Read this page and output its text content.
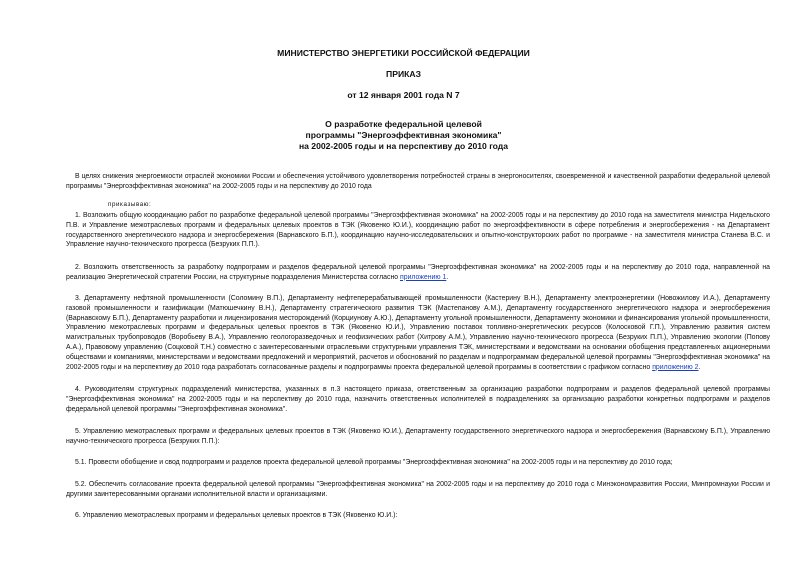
МИНИСТЕРСТВО ЭНЕРГЕТИКИ РОССИЙСКОЙ ФЕДЕРАЦИИ
ПРИКАЗ
от 12 января 2001 года N 7
О разработке федеральной целевой
программы "Энергоэффективная экономика"
на 2002-2005 годы и на перспективу до 2010 года
В целях снижения энергоемкости отраслей экономики России и обеспечения устойчивого удовлетворения потребностей страны в энергоносителях, своевременной и качественной разработки федеральной целевой программы "Энергоэффективная экономика" на 2002-2005 годы и на перспективу до 2010 года
приказываю:
1. Возложить общую координацию работ по разработке федеральной целевой программы "Энергоэффективная экономика" на 2002-2005 годы и на перспективу до 2010 года на заместителя министра Нидельского П.В. и Управление межотраслевых программ и федеральных целевых проектов в ТЭК (Яковенко Ю.И.), координацию работ по энергоэффективности в сфере потребления и энергосбережения - на Департамент государственного энергетического надзора и энергосбережения (Варнавского Б.П.), координацию научно-исследовательских и опытно-конструкторских работ по программе - на заместителя министра Станева В.С. и Управление научно-технического прогресса (Безруких П.П.).
2. Возложить ответственность за разработку подпрограмм и разделов федеральной целевой программы "Энергоэффективная экономика" на 2002-2005 годы и на перспективу до 2010 года, направленной на реализацию Энергетической стратегии России, на структурные подразделения Министерства согласно приложению 1.
3. Департаменту нефтяной промышленности (Соломину В.П.), Департаменту нефтеперерабатывающей промышленности (Кастерину В.Н.), Департаменту электроэнергетики (Новожилову И.А.), Департаменту газовой промышленности и газификации (Матюшечкину В.Н.), Департаменту стратегического развития ТЭК (Мастепанову А.М.), Департаменту государственного энергетического надзора и энергосбережения (Варнавскому Б.П.), Департаменту разработки и лицензирования месторождений (Корциунову А.Ю.), Департаменту угольной промышленности, Департаменту экономики и финансирования угольной промышленности, Управлению межотраслевых программ и федеральных целевых проектов в ТЭК (Яковенко Ю.И.), Управлению поставок топливно-энергетических ресурсов (Колосковой Г.П.), Управлению развития систем магистральных трубопроводов (Воробьеву В.А.), Управлению геологоразведочных и геофизических работ (Хитрову А.М.), Управлению научно-технического прогресса (Безруких П.П.), Управлению экологии (Попову А.А.), Правовому управлению (Соцковой Т.Н.) совместно с заинтересованными отраслевыми структурными управления ТЭК, министерствами и ведомствами на основании обобщения представленных акционерными обществами и компаниями, министерствами и ведомствами предложений и мероприятий, расчетов и обоснований по разделам и подпрограммам федеральной целевой программы "Энергоэффективная экономика" на 2002-2005 годы и на перспективу до 2010 года разработать согласованные разделы и подпрограммы проекта федеральной целевой программы в соответствии с графиком согласно приложению 2.
4. Руководителям структурных подразделений министерства, указанных в п.3 настоящего приказа, ответственным за организацию разработки подпрограмм и разделов федеральной целевой программы "Энергоэффективная экономика" на 2002-2005 годы и на перспективу до 2010 года, назначить ответственных исполнителей в подразделениях за организацию разработки конкретных подпрограмм и разделов федеральной целевой программы "Энергоэффективная экономика".
5. Управлению межотраслевых программ и федеральных целевых проектов в ТЭК (Яковенко Ю.И.), Департаменту государственного энергетического надзора и энергосбережения (Варнавскому Б.П.), Управлению научно-технического прогресса (Безруких П.П.):
5.1. Провести обобщение и свод подпрограмм и разделов проекта федеральной целевой программы "Энергоэффективная экономика" на 2002-2005 годы и на перспективу до 2010 года;
5.2. Обеспечить согласование проекта федеральной целевой программы "Энергоэффективная экономика" на 2002-2005 годы и на перспективу до 2010 года с Минэкономразвития России, Минпромнауки России и другими заинтересованными органами исполнительной власти и организациями.
6. Управлению межотраслевых программ и федеральных целевых проектов в ТЭК (Яковенко Ю.И.):
